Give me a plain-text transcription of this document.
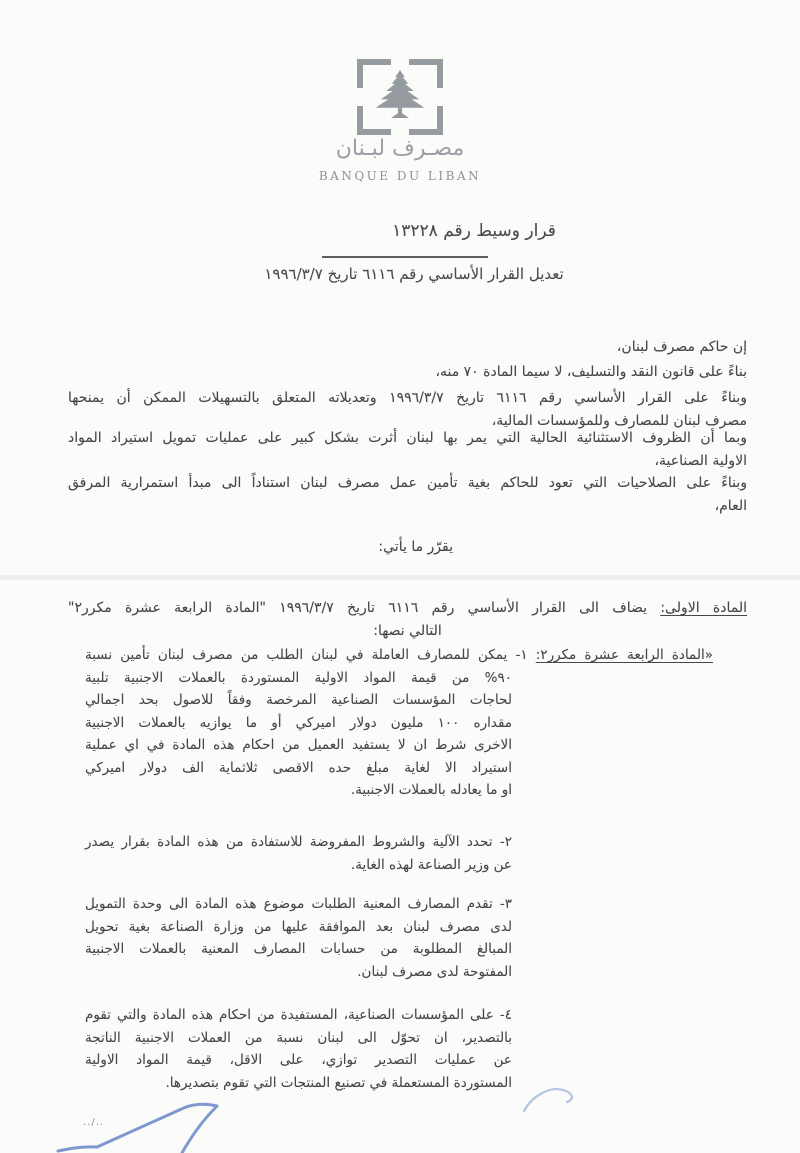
مصـرف لبـنان
BANQUE DU LIBAN
قرار وسيط رقم ١٣٢٢٨
تعديل القرار الأساسي رقم ٦١١٦ تاريخ ١٩٩٦/٣/٧
إن حاكم مصرف لبنان،
بناءً على قانون النقد والتسليف، لا سيما المادة ٧٠ منه،
وبناءً على القرار الأساسي رقم ٦١١٦ تاريخ ١٩٩٦/٣/٧ وتعديلاته المتعلق بالتسهيلات الممكن أن يمنحها
مصرف لبنان للمصارف وللمؤسسات المالية،
وبما أن الظروف الاستثنائية الحالية التي يمر بها لبنان أثرت بشكل كبير على عمليات تمويل استيراد المواد
الاولية الصناعية،
وبناءً على الصلاحيات التي تعود للحاكم بغية تأمين عمل مصرف لبنان استناداً الى مبدأ استمرارية المرفق
العام،
يقرّر ما يأتي:
المادة الاولى: يضاف الى القرار الأساسي رقم ٦١١٦ تاريخ ١٩٩٦/٣/٧ "المادة الرابعة عشرة مكرر٢"
التالي نصها:
«المادة الرابعة عشرة مكرر٢: ١- يمكن للمصارف العاملة في لبنان الطلب من مصرف لبنان تأمين نسبة
٩٠% من قيمة المواد الاولية المستوردة بالعملات الاجنبية تلبية
لحاجات المؤسسات الصناعية المرخصة وفقاً للاصول بحد اجمالي
مقداره ١٠٠ مليون دولار اميركي أو ما يوازيه بالعملات الاجنبية
الاخرى شرط ان لا يستفيد العميل من احكام هذه المادة في اي عملية
استيراد الا لغاية مبلغ حده الاقصى ثلاثماية الف دولار اميركي
او ما يعادله بالعملات الاجنبية.
٢- تحدد الآلية والشروط المفروضة للاستفادة من هذه المادة بقرار يصدر
عن وزير الصناعة لهذه الغاية.
٣- تقدم المصارف المعنية الطلبات موضوع هذه المادة الى وحدة التمويل
لدى مصرف لبنان بعد الموافقة عليها من وزارة الصناعة بغية تحويل
المبالغ المطلوبة من حسابات المصارف المعنية بالعملات الاجنبية
المفتوحة لدى مصرف لبنان.
٤- على المؤسسات الصناعية، المستفيدة من احكام هذه المادة والتي تقوم
بالتصدير، ان تحوّل الى لبنان نسبة من العملات الاجنبية الناتجة
عن عمليات التصدير توازي، على الاقل، قيمة المواد الاولية
المستوردة المستعملة في تصنيع المنتجات التي تقوم بتصديرها.
../..
